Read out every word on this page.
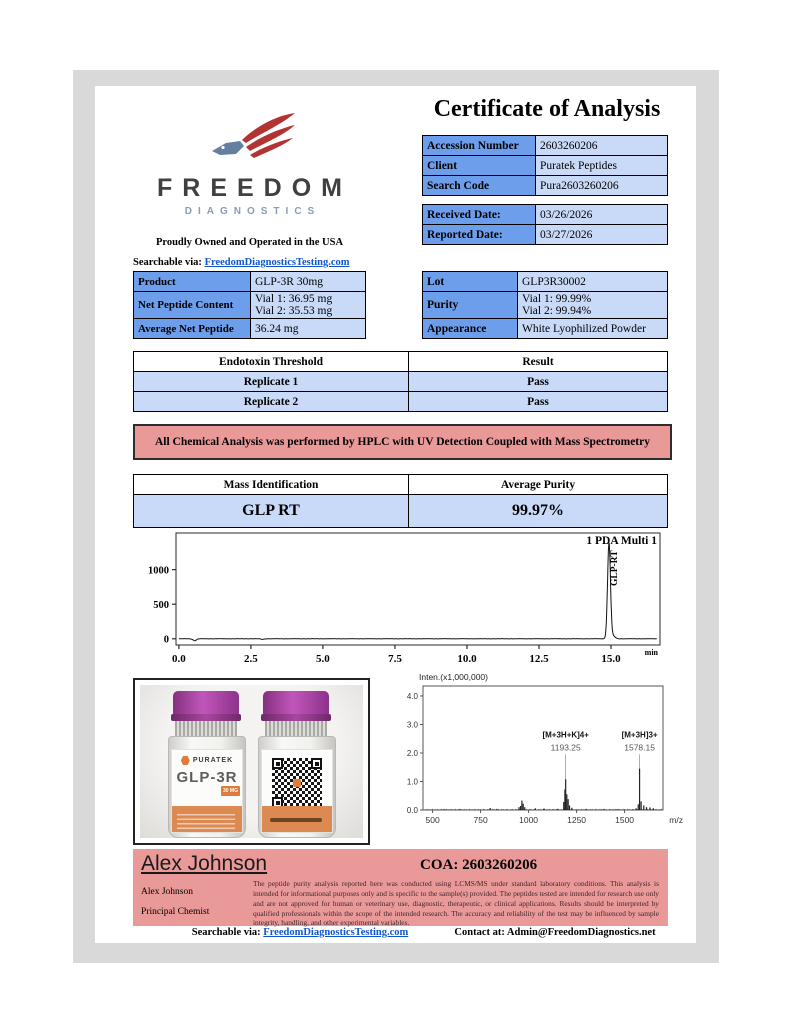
Certificate of Analysis
FREEDOM
DIAGNOSTICS
Proudly Owned and Operated in the USA
Searchable via: FreedomDiagnosticsTesting.com
Accession Number	2603260206
Client	Puratek Peptides
Search Code	Pura2603260206
Received Date:	03/26/2026
Reported Date:	03/27/2026
Product	GLP-3R 30mg
Net Peptide Content	Vial 1: 36.95 mg
Vial 2: 35.53 mg

Average Net Peptide	36.24 mg
Lot	GLP3R30002
Purity	Vial 1: 99.99%
Vial 2: 99.94%

Appearance	White Lyophilized Powder
Endotoxin Threshold	Result
Replicate 1	Pass
Replicate 2	Pass
All Chemical Analysis was performed by HPLC with UV Detection Coupled with Mass Spectrometry
Mass Identification	Average Purity
GLP RT	99.97%
0
500
1000
0.0	2.5	5.0	7.5	10.0	12.5	15.0
min
1 PDA Multi 1
GLP-RT
PURATEK
GLP-3R
30 MG
Inten.(x1,000,000)
0.0
1.0
2.0
3.0
4.0
500	750	1000	1250	1500	m/z
[M+3H+K]4+
1193.25
[M+3H]3+
1578.15
Alex Johnson	COA: 2603260206
Alex Johnson
Principal Chemist
The peptide purity analysis reported here was conducted using LCMS/MS under standard laboratory conditions. This analysis is intended for informational purposes only and is specific to the sample(s) provided. The peptides tested are intended for research use only and are not approved for human or veterinary use, diagnostic, therapeutic, or clinical applications. Results should be interpreted by qualified professionals within the scope of the intended research. The accuracy and reliability of the test may be influenced by sample integrity, handling, and other experimental variables.
Searchable via: FreedomDiagnosticsTesting.com	Contact at: Admin@FreedomDiagnostics.net
